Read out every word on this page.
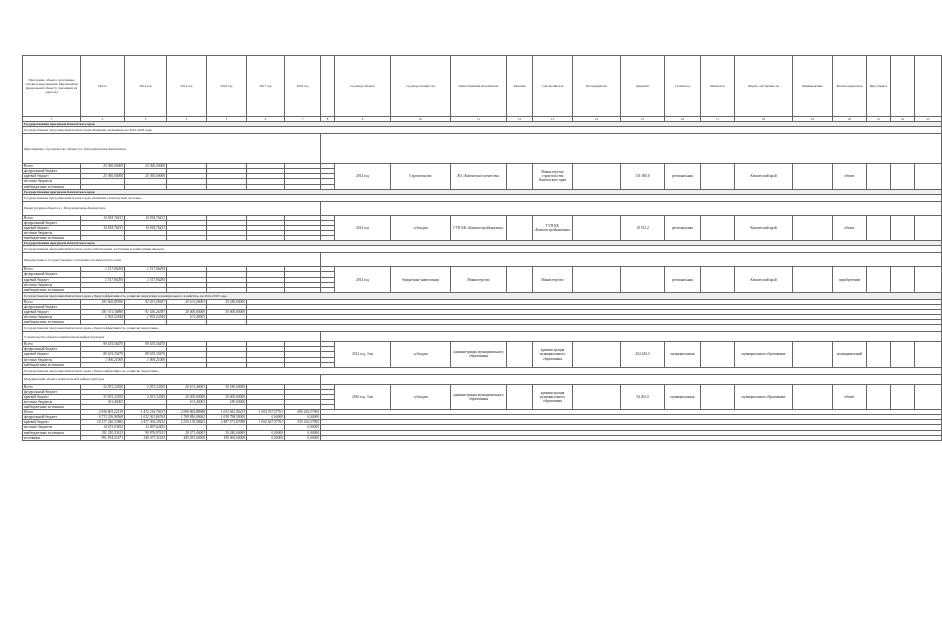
Программа, объекта, программы основное мероприятие, Мероприятие федеральной объект (с указанием их адресов)	Итого	2014 год	2015 год	2016 год	2017 год	2018 год		год ввода объекта	год ввода мощности	Ответственный исполнитель	Заказчик	Соисполнитель	Распорядитель	Документ	Стоимость	Мощность	Форма собственности	Наименование	Балансодержатель	Вид объекта		
1	2	3	4	5	6	7	8	9	10	11	12	13	14	15	16	17	18	19	20	21	22	23
Государственная программа Камчатского края																						
Государственная программа Камчатского края «Развитие экономики» на 2014-2018 годы																						
Мероприятие: строительство объекта в г. Петропавловске-Камчатском																						
Всего	25 360,00000	25 360,00000						2014 год	Строительство	АО «Камчатское агентство»		Министерство строительства Камчатского края		131 000,0	региональная		Камчатский край		объект			
федеральный бюджет																						
краевой бюджет	25 360,00000	25 360,00000																				
местные бюджеты																						
внебюджетные источники																						
Государственная программа Камчатского края																						
Государственная программа Камчатского края «Развитие транспортной системы»																						
Реконструкция объекта в г. Петропавловске-Камчатском																						
Всего	10 818,76413	10 818,76413						2014 год	субсидия	ГУП КК «Камчатстройзаказчик»		ГУП КК «Камчатстройзаказчик»		19 912,2	региональная		Камчатский край		объект			
федеральный бюджет																						
краевой бюджет	10 818,76413	10 818,76413																				
местные бюджеты																						
внебюджетные источники																						
Государственная программа Камчатского края																						
Государственная программа Камчатского края «Обеспечение доступным и комфортным жильем»																						
Приобретение в государственную собственность Камчатского края																						
Всего	1 517,96294	1 517,96294						2014 год	бюджетные инвестиции	Министерство		Министерство			региональная		Камчатский край		приобретение			
федеральный бюджет																						
краевой бюджет	1 517,96294	1 517,96294																				
местные бюджеты																						
внебюджетные источники																						
Государственная программа Камчатского края «Энергоэффективность, развитие энергетики и коммунального хозяйства» на 2014-2018 годы																						
Всего	181 826,89390	92 431,58187	20 101,40003	30 180,00000																		
федеральный бюджет																						
краевой бюджет	181 331,36890	91 636,26387	20 000,00000	30 000,00000																		
местные бюджеты	1 925,52544	1 925,52544	101,40003																			
внебюджетные источники																						
Государственная программа Камчатского края «Энергоэффективность, развитие энергетики»																						
Строительство объекта коммунальной инфраструктуры																						
Всего	90 635,56470	90 635,56470						2014 год, 3 кв	субсидия	администрация муниципального образования		администрация муниципального образования		434 420,3	муниципальная		муниципальное образование		муниципальный			
федеральный бюджет																						
краевой бюджет	89 635,35470	89 635,35470																				
местные бюджеты	1 000,21000	1 000,21000																				
внебюджетные источники																						
Государственная программа Камчатского края «Энергоэффективность, развитие энергетики»																						
Модернизация объекта коммунальной инфраструктуры																						
Всего	32 591,32920	2 591,32920	20 101,40003	30 180,00000				2016 год, 3 кв	субсидия	администрация муниципального образования		администрация муниципального образования		54 263,0	муниципальная		муниципальное образование		объект			
федеральный бюджет																						
краевой бюджет	31 591,32920	2 591,32920	20 000,00000	30 000,00000																		
местные бюджеты	301,40003		101,40003	180,00000																		
внебюджетные источники																						
Итого	2 056 803,22130	1 472 216,70613	2 080 965,88948	1 633 652,40233	1 004 767,57761	695 416,57900																
федеральный бюджет	6 713 236,94568	1 032 361,86764	1 769 856,09062	1 038 798,59000	0,00000	0,00000																
краевой бюджет	14 137 246,33882	2 471 306,29412	2 236 176,58663	2 487 571,87098	1 004 567,57761	535 416,57900																
местные бюджеты	14 673,03452	12 497,62452				0,00000																
внебюджетные источники	191 250,53613	99 876,97613	29 571,40003	30 240,00000	0,00000	0,00000																
источники	991 934,51471	346 077,31635	445 433,60000	190 000,00000	0,00000	0,00000																
